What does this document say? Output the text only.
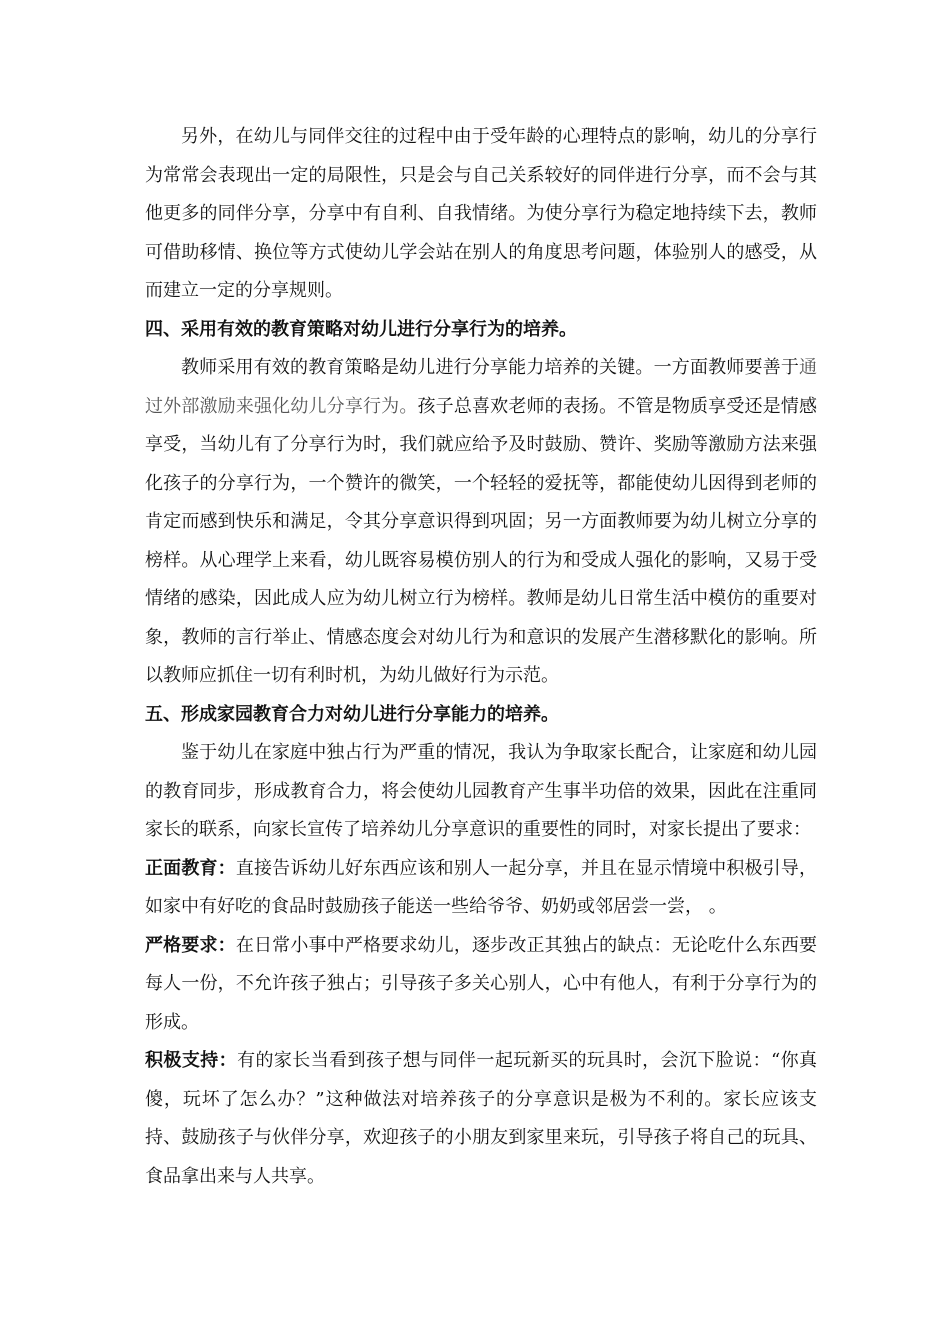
另外，在幼儿与同伴交往的过程中由于受年龄的心理特点的影响，幼儿的分享行为常常会表现出一定的局限性，只是会与自己关系较好的同伴进行分享，而不会与其他更多的同伴分享，分享中有自利、自我情绪。为使分享行为稳定地持续下去，教师可借助移情、换位等方式使幼儿学会站在别人的角度思考问题，体验别人的感受，从而建立一定的分享规则。

四、采用有效的教育策略对幼儿进行分享行为的培养。

教师采用有效的教育策略是幼儿进行分享能力培养的关键。一方面教师要善于通过外部激励来强化幼儿分享行为。孩子总喜欢老师的表扬。不管是物质享受还是情感享受，当幼儿有了分享行为时，我们就应给予及时鼓励、赞许、奖励等激励方法来强化孩子的分享行为，一个赞许的微笑，一个轻轻的爱抚等，都能使幼儿因得到老师的肯定而感到快乐和满足，令其分享意识得到巩固；另一方面教师要为幼儿树立分享的榜样。从心理学上来看，幼儿既容易模仿别人的行为和受成人强化的影响，又易于受情绪的感染，因此成人应为幼儿树立行为榜样。教师是幼儿日常生活中模仿的重要对象，教师的言行举止、情感态度会对幼儿行为和意识的发展产生潜移默化的影响。所以教师应抓住一切有利时机，为幼儿做好行为示范。

五、形成家园教育合力对幼儿进行分享能力的培养。

鉴于幼儿在家庭中独占行为严重的情况，我认为争取家长配合，让家庭和幼儿园的教育同步，形成教育合力，将会使幼儿园教育产生事半功倍的效果，因此在注重同家长的联系，向家长宣传了培养幼儿分享意识的重要性的同时，对家长提出了要求：

正面教育：直接告诉幼儿好东西应该和别人一起分享，并且在显示情境中积极引导，如家中有好吃的食品时鼓励孩子能送一些给爷爷、奶奶或邻居尝一尝， 。

严格要求：在日常小事中严格要求幼儿，逐步改正其独占的缺点：无论吃什么东西要每人一份，不允许孩子独占；引导孩子多关心别人，心中有他人，有利于分享行为的形成。

积极支持：有的家长当看到孩子想与同伴一起玩新买的玩具时，会沉下脸说：“你真傻，玩坏了怎么办？”这种做法对培养孩子的分享意识是极为不利的。家长应该支持、鼓励孩子与伙伴分享，欢迎孩子的小朋友到家里来玩，引导孩子将自己的玩具、食品拿出来与人共享。
